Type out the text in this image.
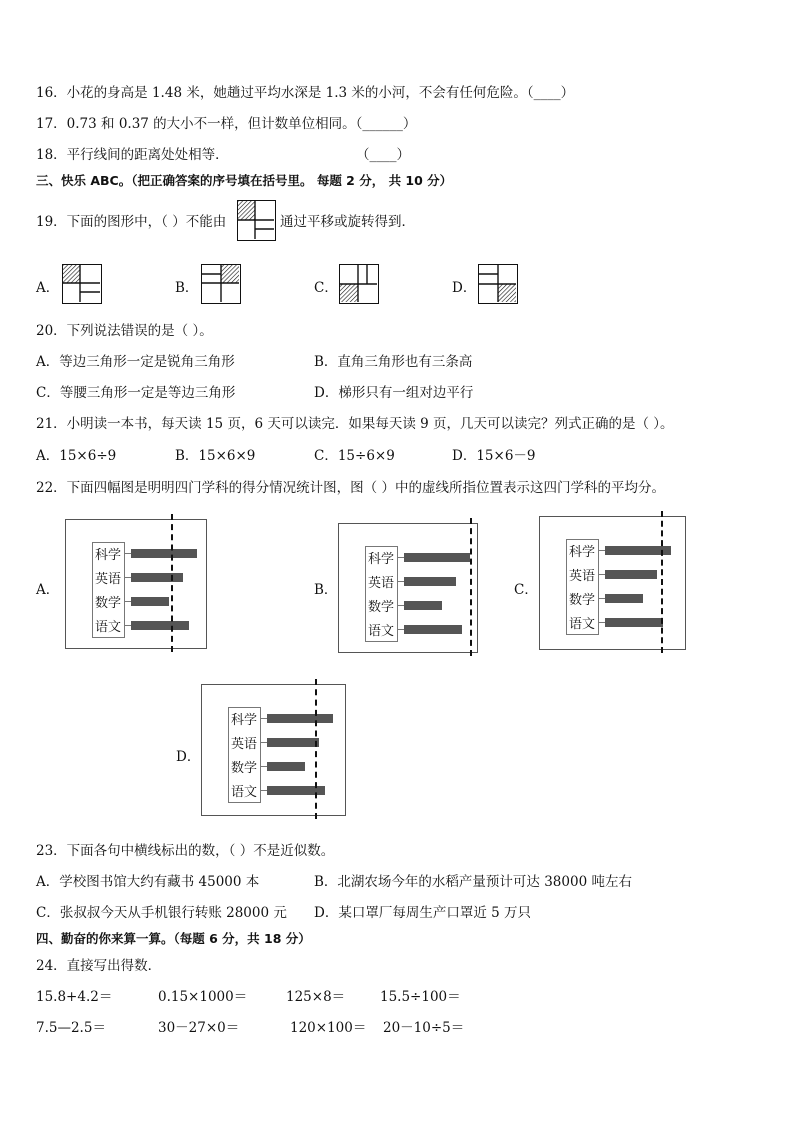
16．小花的身高是 1.48 米，她趟过平均水深是 1.3 米的小河，不会有任何危险。（____）
17．0.73 和 0.37 的大小不一样，但计数单位相同。（______）
18．平行线间的距离处处相等．	（____）
三、快乐 ABC。（把正确答案的序号填在括号里。 每题 2 分， 共 10 分）
19．下面的图形中，（ ）不能由	通过平移或旋转得到．
A．	B．	C．	D．
20．下列说法错误的是（ ）。
A．等边三角形一定是锐角三角形	B．直角三角形也有三条高
C．等腰三角形一定是等边三角形	D．梯形只有一组对边平行
21．小明读一本书，每天读 15 页，6 天可以读完．如果每天读 9 页，几天可以读完？列式正确的是（ ）。
A．15×6÷9	B．15×6×9	C．15÷6×9	D．15×6－9
22．下面四幅图是明明四门学科的得分情况统计图，图（ ）中的虚线所指位置表示这四门学科的平均分。
A．	B．	C．
D．
科学
英语
数学
语文
科学
英语
数学
语文
科学
英语
数学
语文
科学
英语
数学
语文
23．下面各句中横线标出的数，（ ）不是近似数。
A．学校图书馆大约有藏书 45000 本	B．北湖农场今年的水稻产量预计可达 38000 吨左右
C．张叔叔今天从手机银行转账 28000 元 D．某口罩厂每周生产口罩近 5 万只
四、勤奋的你来算一算。（每题 6 分，共 18 分）
24．直接写出得数．
15.8+4.2＝	0.15×1000＝	125×8＝	15.5÷100＝
7.5—2.5＝	30－27×0＝	120×100＝ 20－10÷5＝
